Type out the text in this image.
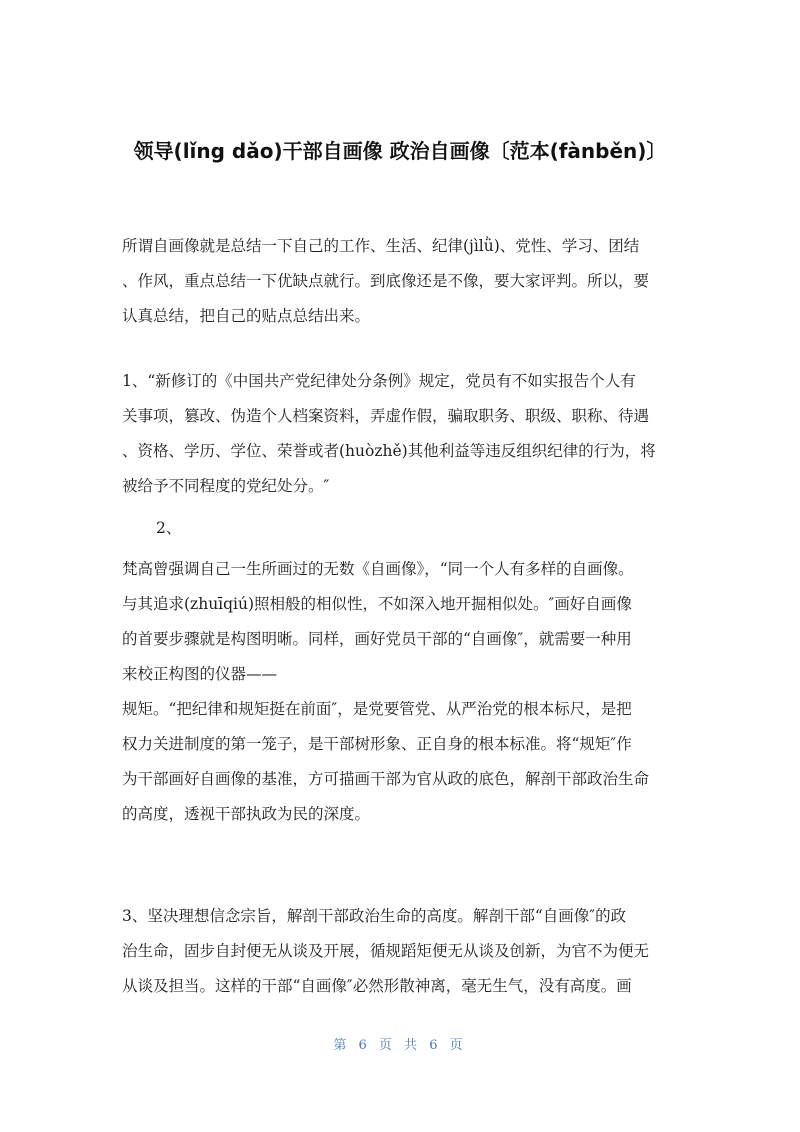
领导(lǐng dǎo)干部自画像 政治自画像〔范本(fànběn)〕
所谓自画像就是总结一下自己的工作、生活、纪律(jìlǜ)、党性、学习、团结
、作风，重点总结一下优缺点就行。到底像还是不像，要大家评判。所以，要
认真总结，把自己的贴点总结出来。
1、“新修订的《中国共产党纪律处分条例》规定，党员有不如实报告个人有
关事项，篡改、伪造个人档案资料，弄虚作假，骗取职务、职级、职称、待遇
、资格、学历、学位、荣誉或者(huòzhě)其他利益等违反组织纪律的行为，将
被给予不同程度的党纪处分。″
2、
梵高曾强调自己一生所画过的无数《自画像》，“同一个人有多样的自画像。
与其追求(zhuīqiú)照相般的相似性，不如深入地开掘相似处。″画好自画像
的首要步骤就是构图明晰。同样，画好党员干部的“自画像″，就需要一种用
来校正构图的仪器——
规矩。“把纪律和规矩挺在前面″，是党要管党、从严治党的根本标尺，是把
权力关进制度的第一笼子，是干部树形象、正自身的根本标准。将“规矩″作
为干部画好自画像的基准，方可描画干部为官从政的底色，解剖干部政治生命
的高度，透视干部执政为民的深度。
3、坚决理想信念宗旨，解剖干部政治生命的高度。解剖干部“自画像″的政
治生命，固步自封便无从谈及开展，循规蹈矩便无从谈及创新，为官不为便无
从谈及担当。这样的干部“自画像″必然形散神离，毫无生气，没有高度。画
第 6 页 共 6 页
